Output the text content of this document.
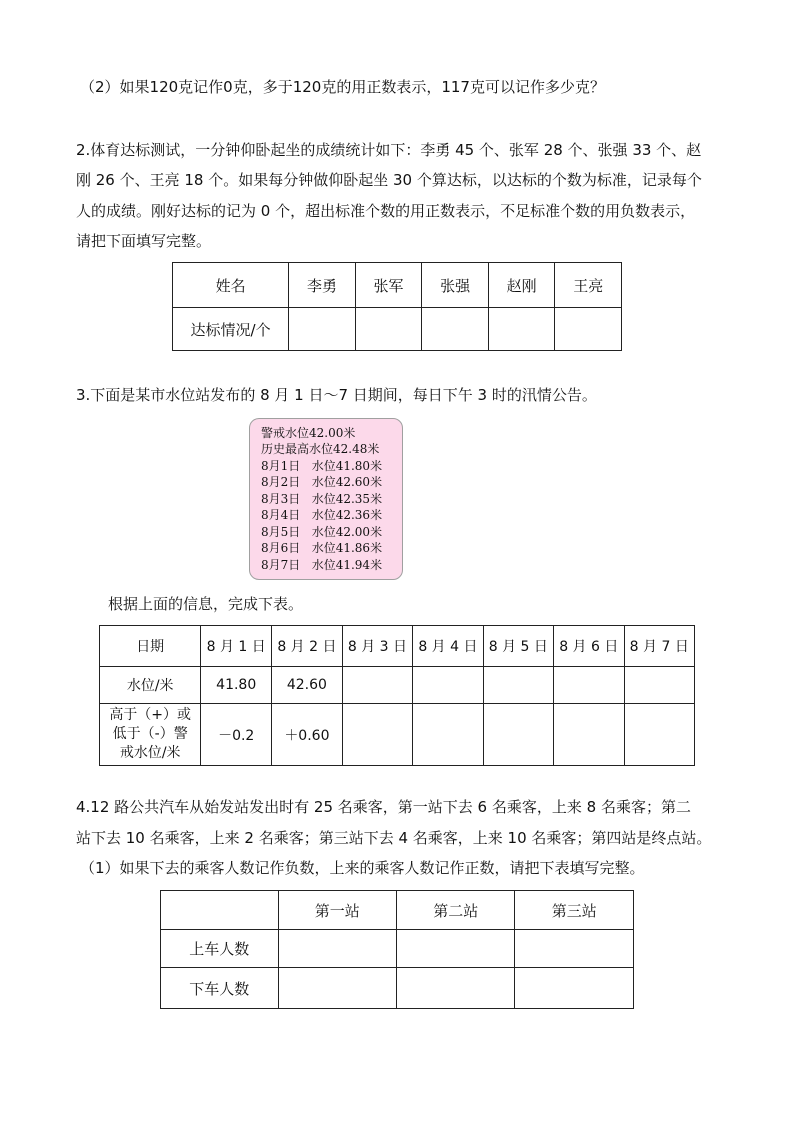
（2）如果120克记作0克，多于120克的用正数表示，117克可以记作多少克？
2.体育达标测试，一分钟仰卧起坐的成绩统计如下：李勇 45 个、张军 28 个、张强 33 个、赵
刚 26 个、王亮 18 个。如果每分钟做仰卧起坐 30 个算达标，以达标的个数为标准，记录每个
人的成绩。刚好达标的记为 0 个，超出标准个数的用正数表示，不足标准个数的用负数表示，
请把下面填写完整。
姓名	李勇	张军	张强	赵刚	王亮
达标情况/个					
3.下面是某市水位站发布的 8 月 1 日～7 日期间，每日下午 3 时的汛情公告。
警戒水位42.00米
历史最高水位42.48米
8月1日   水位41.80米
8月2日   水位42.60米
8月3日   水位42.35米
8月4日   水位42.36米
8月5日   水位42.00米
8月6日   水位41.86米
8月7日   水位41.94米
根据上面的信息，完成下表。
日期	8 月 1 日	8 月 2 日	8 月 3 日	8 月 4 日	8 月 5 日	8 月 6 日	8 月 7 日
水位/米	41.80	42.60					

高于（+）或
低于（-）警
戒水位/米	－0.2	＋0.60					
4.12 路公共汽车从始发站发出时有 25 名乘客，第一站下去 6 名乘客，上来 8 名乘客；第二
站下去 10 名乘客，上来 2 名乘客；第三站下去 4 名乘客，上来 10 名乘客；第四站是终点站。
（1）如果下去的乘客人数记作负数，上来的乘客人数记作正数，请把下表填写完整。
	第一站	第二站	第三站
上车人数			
下车人数			
